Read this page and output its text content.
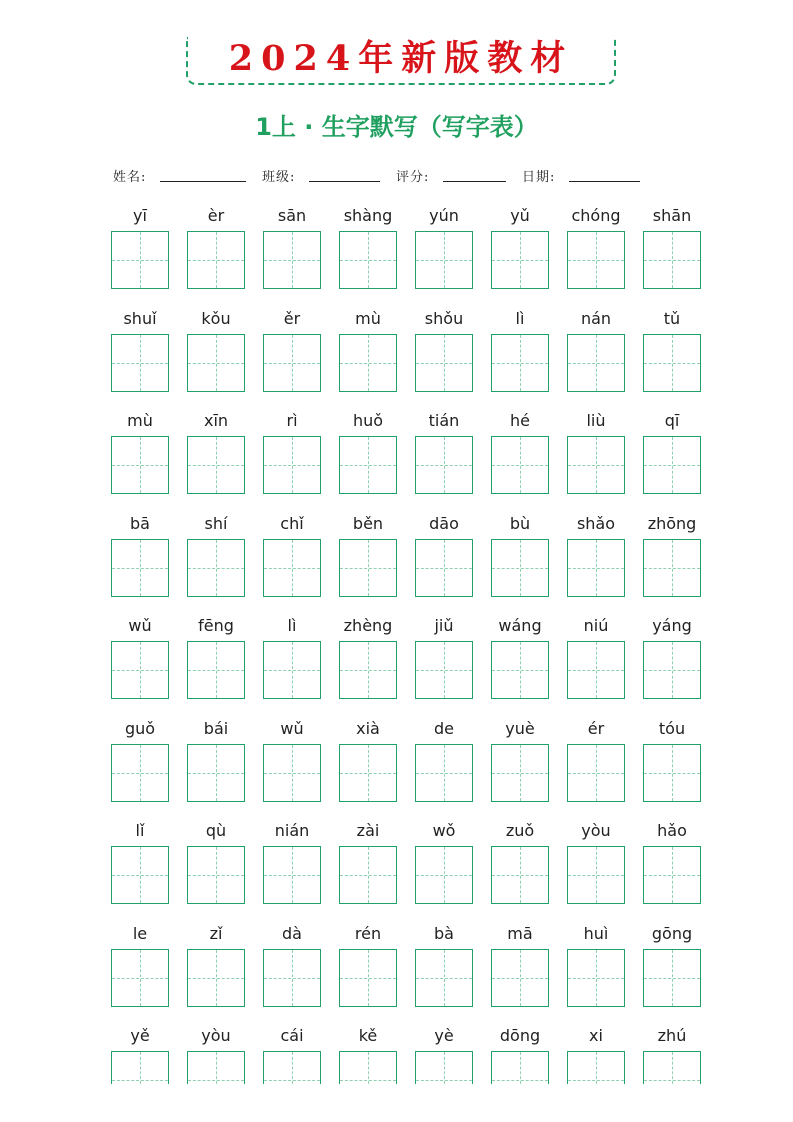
2024年新版教材
1上 · 生字默写（写字表）
姓名:	班级:	评分:	日期:
yī	èr	sān	shàng	yún	yǔ	chóng	shān
shuǐ	kǒu	ěr	mù	shǒu	lì	nán	tǔ
mù	xīn	rì	huǒ	tián	hé	liù	qī
bā	shí	chǐ	běn	dāo	bù	shǎo	zhōng
wǔ	fēng	lì	zhèng	jiǔ	wáng	niú	yáng
guǒ	bái	wǔ	xià	de	yuè	ér	tóu
lǐ	qù	nián	zài	wǒ	zuǒ	yòu	hǎo
le	zǐ	dà	rén	bà	mā	huì	gōng
yě	yòu	cái	kě	yè	dōng	xi	zhú
